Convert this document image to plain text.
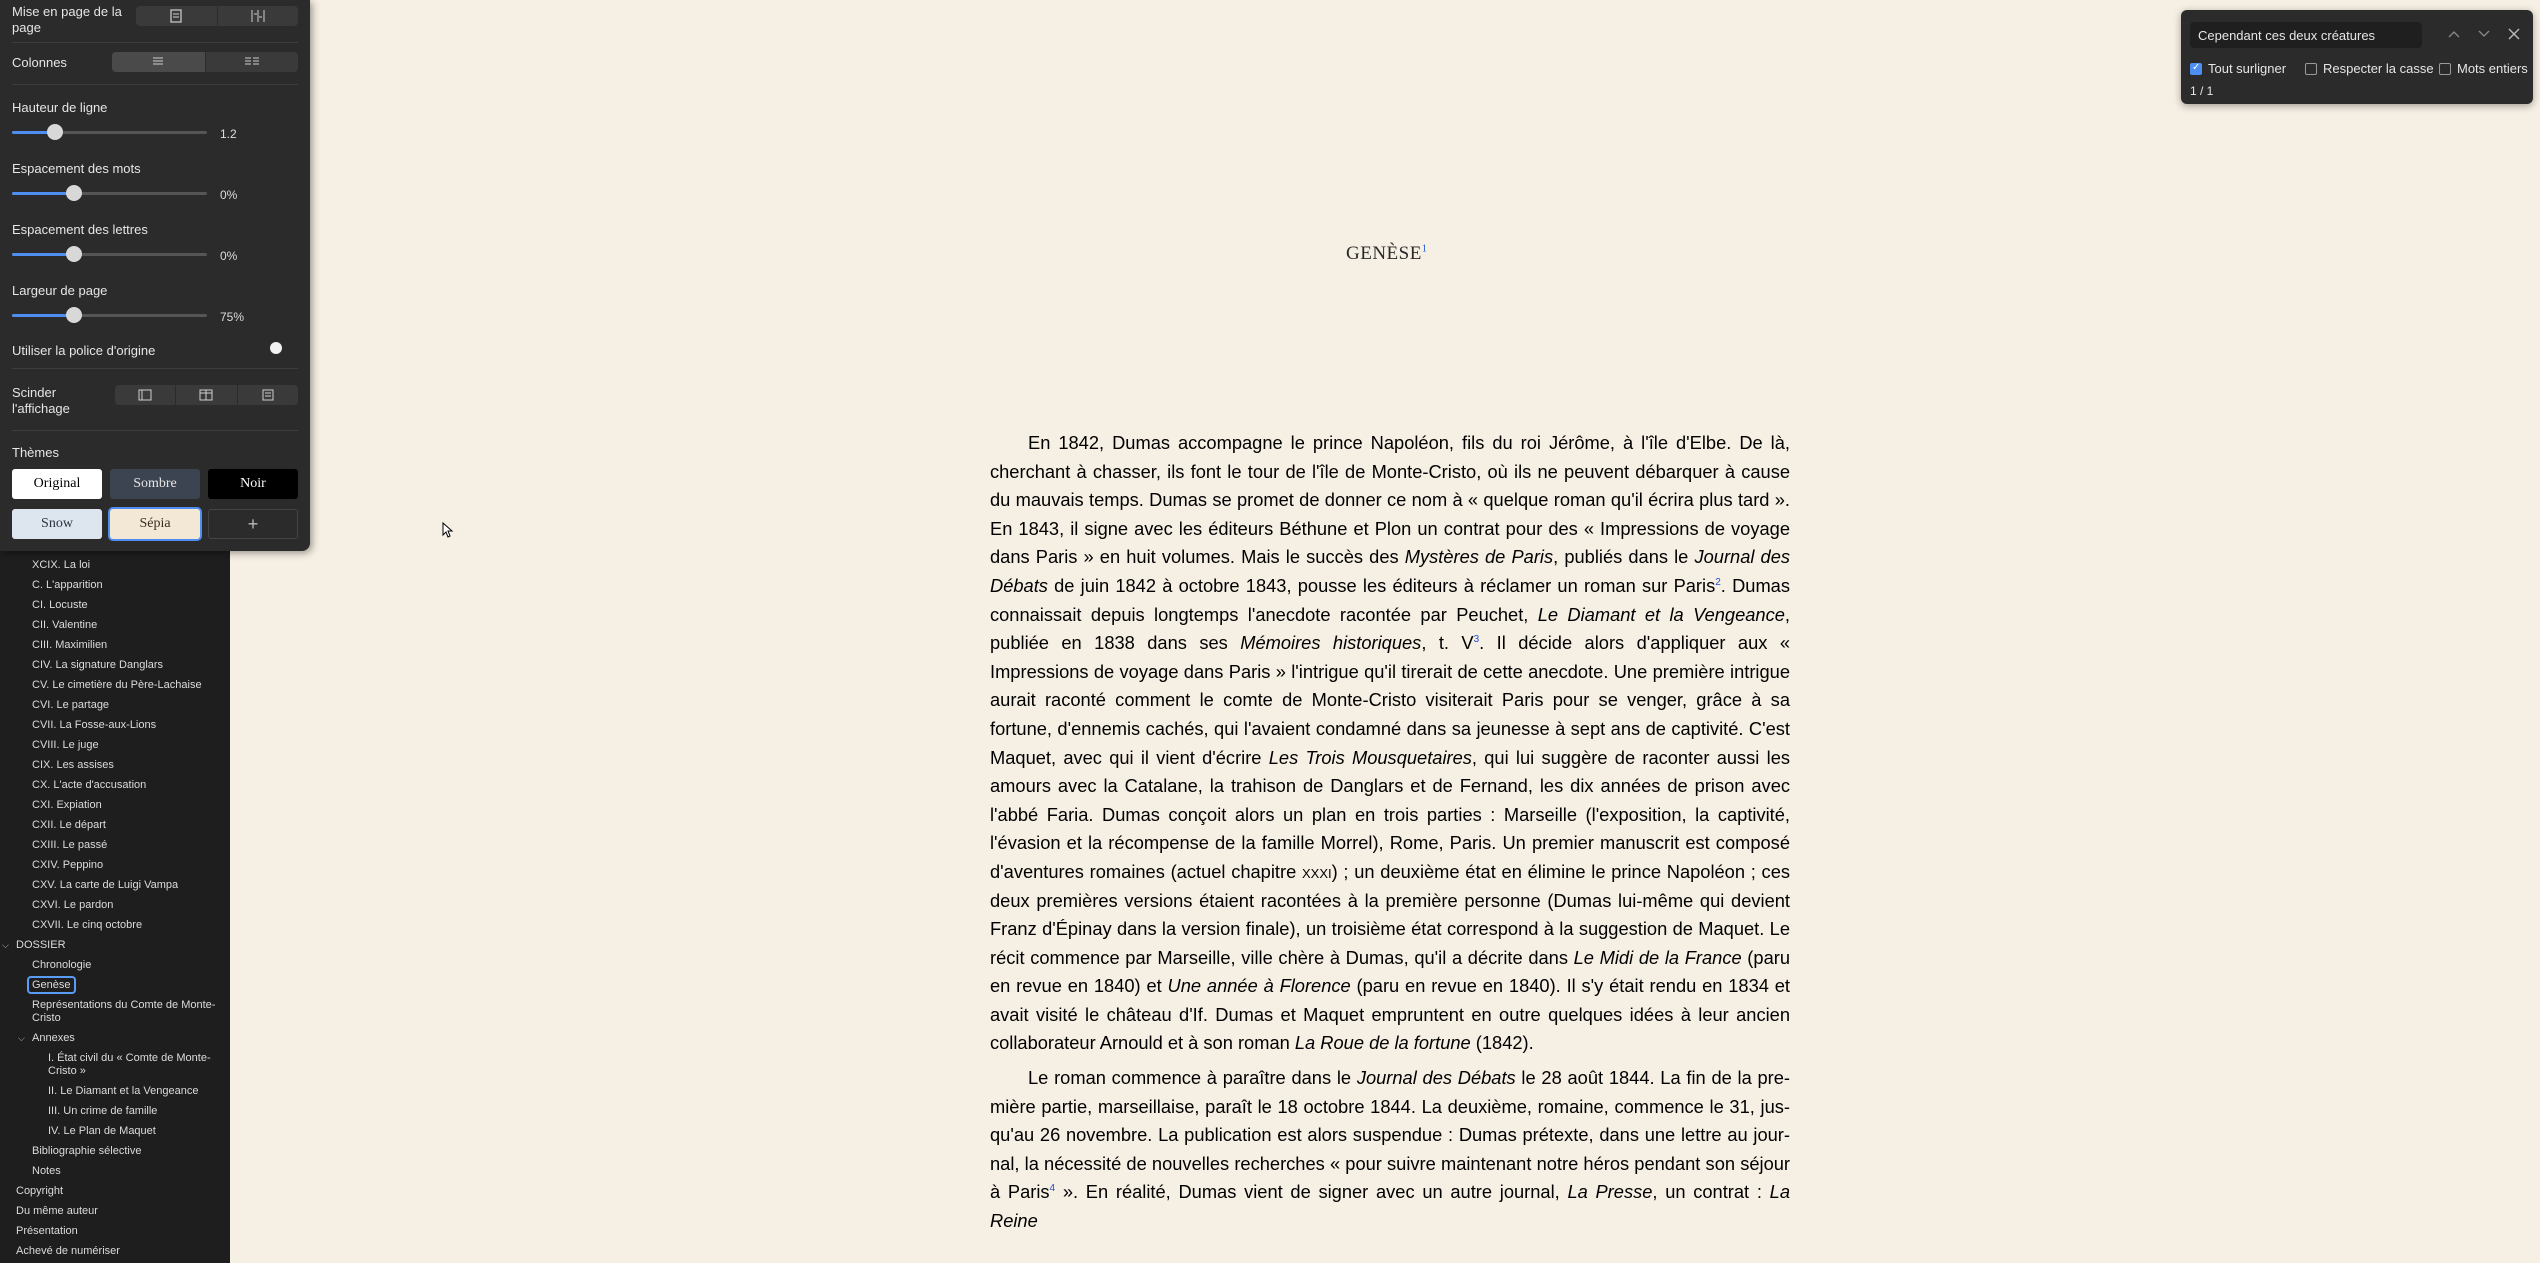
XCIX. La loi
C. L'apparition
CI. Locuste
CII. Valentine
CIII. Maximilien
CIV. La signature Danglars
CV. Le cimetière du Père-Lachaise
CVI. Le partage
CVII. La Fosse-aux-Lions
CVIII. Le juge
CIX. Les assises
CX. L'acte d'accusation
CXI. Expiation
CXII. Le départ
CXIII. Le passé
CXIV. Peppino
CXV. La carte de Luigi Vampa
CXVI. Le pardon
CXVII. Le cinq octobre
⌵ DOSSIER
Chronologie
Genèse
Représentations du Comte de Monte-Cristo
⌵ Annexes
I. État civil du « Comte de Monte-Cristo »
II. Le Diamant et la Vengeance
III. Un crime de famille
IV. Le Plan de Maquet
Bibliographie sélective
Notes
Copyright
Du même auteur
Présentation
Achevé de numériser
Mise en page de la page
Colonnes
Hauteur de ligne
1.2
Espacement des mots
0%
Espacement des lettres
0%
Largeur de page
75%
Utiliser la police d'origine
Scinder l'affichage
Thèmes
Original	Sombre	Noir
Snow	Sépia	+
$GENÈSE^1$

En 1842, Dumas accompagne le prince Napoléon, fils du roi Jérôme, à l'île d'Elbe. De là, cherchant à chasser, ils font le tour de l'île de Monte-Cristo, où ils ne peuvent débarquer à cause du mauvais temps. Dumas se promet de donner ce nom à « quelque roman qu'il écrira plus tard ». En 1843, il signe avec les éditeurs Béthune et Plon un contrat pour des « Impressions de voyage dans Paris » en huit volumes. Mais le succès des Mystères de Paris, publiés dans le Journal des Débats de juin 1842 à octobre 1843, pousse les éditeurs à réclamer un roman sur Paris$^2$. Dumas connaissait depuis longtemps l'anecdote racontée par Peuchet, Le Diamant et la Vengeance, publiée en 1838 dans ses Mémoires historiques, t. V$^3$. Il décide alors d'appliquer aux « Impressions de voyage dans Paris » l'intrigue qu'il tirerait de cette anecdote. Une première intrigue aurait raconté comment le comte de Monte-Cristo visiterait Paris pour se venger, grâce à sa fortune, d'ennemis cachés, qui l'avaient condamné dans sa jeunesse à sept ans de captivité. C'est Maquet, avec qui il vient d'écrire Les Trois Mousquetaires, qui lui suggère de raconter aussi les amours avec la Catalane, la trahison de Danglars et de Fernand, les dix années de prison avec l'abbé Faria. Dumas conçoit alors un plan en trois parties : Marseille (l'exposition, la captivité, l'évasion et la récompense de la famille Morrel), Rome, Paris. Un premier manuscrit est composé d'aventures romaines (actuel chapitre xxxi) ; un deuxième état en élimine le prince Napoléon ; ces deux premières versions étaient racontées à la première personne (Dumas lui-même qui devient Franz d'Épinay dans la version finale), un troisième état correspond à la suggestion de Maquet. Le récit commence par Marseille, ville chère à Dumas, qu'il a décrite dans Le Midi de la France (paru en revue en 1840) et Une année à Florence (paru en revue en 1840). Il s'y était rendu en 1834 et avait visité le château d'If. Dumas et Maquet empruntent en outre quelques idées à leur ancien collaborateur Arnould et à son roman La Roue de la fortune (1842).

Le roman commence à paraître dans le Journal des Débats le 28 août 1844. La fin de la première partie, marseillaise, paraît le 18 octobre 1844. La deuxième, romaine, commence le 31, jusqu'au 26 novembre. La publication est alors suspendue : Dumas prétexte, dans une lettre au journal, la nécessité de nouvelles recherches « pour suivre maintenant notre héros pendant son séjour à Paris$^4$ ». En réalité, Dumas vient de signer avec un autre journal, La Presse, un contrat : La Reine

Cependant ces deux créatures
✓
Tout surligner	Respecter la casse Mots entiers
1 / 1
